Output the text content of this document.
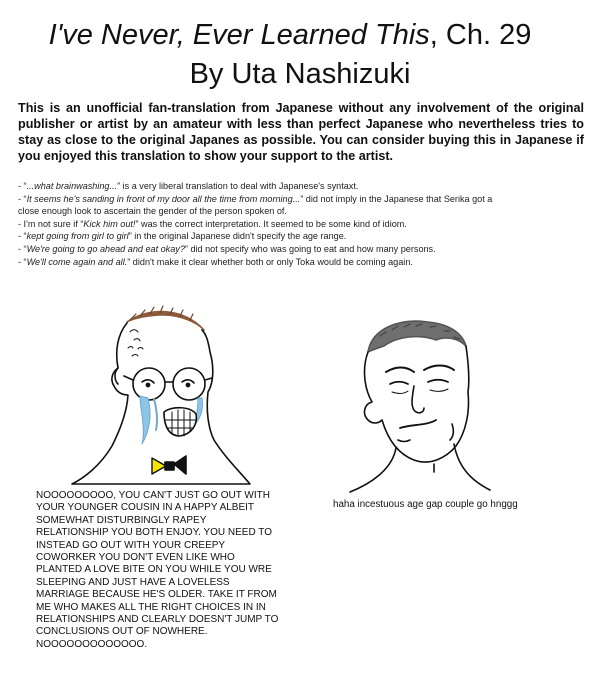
I've Never, Ever Learned This, Ch. 29
By Uta Nashizuki
This is an unofficial fan-translation from Japanese without any involvement of the original publisher or artist by an amateur with less than perfect Japanese who nevertheless tries to stay as close to the original Japanes as possible. You can consider buying this in Japanese if you enjoyed this translation to show your support to the artist.
- “...what brainwashing...” is a very liberal translation to deal with Japanese's syntaxt.
- “It seems he's sanding in front of my door all the time from morning...” did not imply in the Japanese that Serika got a
close enough look to ascertain the gender of the person spoken of.
- I'm not sure if “Kick him out!” was the correct interpretation. It seemed to be some kind of idiom.
- “kept going from girl to girl” in the original Japanese didn't specify the age range.
- “We're going to go ahead and eat okay?” did not specify who was going to eat and how many persons.
- “We'll come again and all.” didn't make it clear whether both or only Toka would be coming again.
NOOOOOOOOO, YOU CAN'T JUST GO OUT WITH
YOUR YOUNGER COUSIN IN A HAPPY ALBEIT
SOMEWHAT DISTURBINGLY RAPEY
RELATIONSHIP YOU BOTH ENJOY. YOU NEED TO
INSTEAD GO OUT WITH YOUR CREEPY
COWORKER YOU DON'T EVEN LIKE WHO
PLANTED A LOVE BITE ON YOU WHILE YOU WRE
SLEEPING AND JUST HAVE A LOVELESS
MARRIAGE BECAUSE HE'S OLDER. TAKE IT FROM
ME WHO MAKES ALL THE RIGHT CHOICES IN IN
RELATIONSHIPS AND CLEARLY DOESN'T JUMP TO
CONCLUSIONS OUT OF NOWHERE.
NOOOOOOOOOOOOO.
haha incestuous age gap couple go hnggg
